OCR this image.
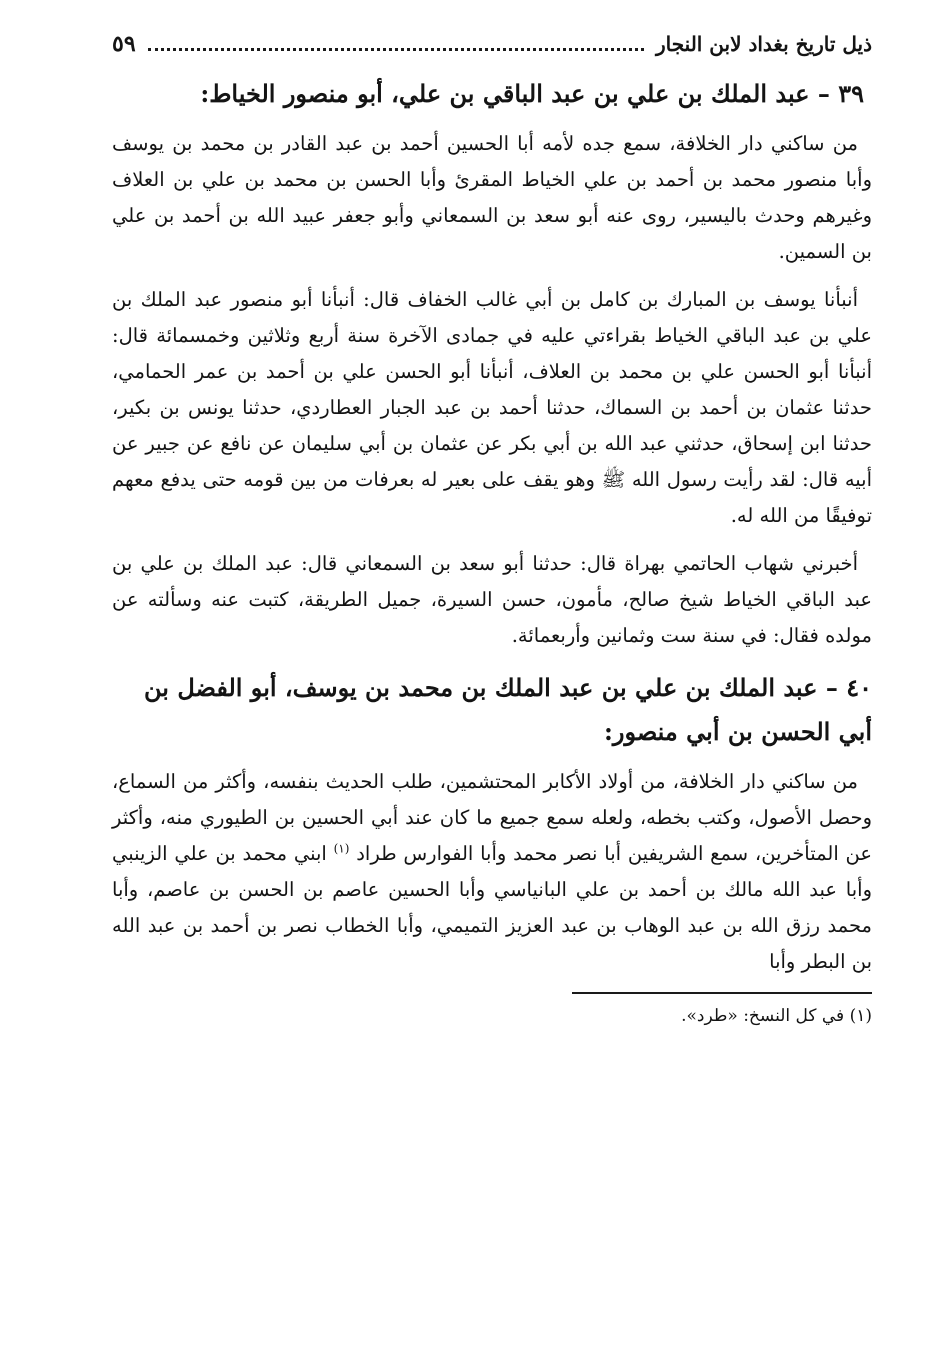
ذيل تاريخ بغداد لابن النجار
٥٩
٣٩ – عبد الملك بن علي بن عبد الباقي بن علي، أبو منصور الخياط:

من ساكني دار الخلافة، سمع جده لأمه أبا الحسين أحمد بن عبد القادر بن محمد بن يوسف وأبا منصور محمد بن أحمد بن علي الخياط المقرئ وأبا الحسن بن محمد بن علي بن العلاف وغيرهم وحدث باليسير، روى عنه أبو سعد بن السمعاني وأبو جعفر عبيد الله بن أحمد بن علي بن السمين.

أنبأنا يوسف بن المبارك بن كامل بن أبي غالب الخفاف قال: أنبأنا أبو منصور عبد الملك بن علي بن عبد الباقي الخياط بقراءتي عليه في جمادى الآخرة سنة أربع وثلاثين وخمسمائة قال: أنبأنا أبو الحسن علي بن محمد بن العلاف، أنبأنا أبو الحسن علي بن أحمد بن عمر الحمامي، حدثنا عثمان بن أحمد بن السماك، حدثنا أحمد بن عبد الجبار العطاردي، حدثنا يونس بن بكير، حدثنا ابن إسحاق، حدثني عبد الله بن أبي بكر عن عثمان بن أبي سليمان عن نافع عن جبير عن أبيه قال: لقد رأيت رسول الله ﷺ وهو يقف على بعير له بعرفات من بين قومه حتى يدفع معهم توفيقًا من الله له.

أخبرني شهاب الحاتمي بهراة قال: حدثنا أبو سعد بن السمعاني قال: عبد الملك بن علي بن عبد الباقي الخياط شيخ صالح، مأمون، حسن السيرة، جميل الطريقة، كتبت عنه وسألته عن مولده فقال: في سنة ست وثمانين وأربعمائة.

٤٠ – عبد الملك بن علي بن عبد الملك بن محمد بن يوسف، أبو الفضل بن أبي الحسن بن أبي منصور:

من ساكني دار الخلافة، من أولاد الأكابر المحتشمين، طلب الحديث بنفسه، وأكثر من السماع، وحصل الأصول، وكتب بخطه، ولعله سمع جميع ما كان عند أبي الحسين بن الطيوري منه، وأكثر عن المتأخرين، سمع الشريفين أبا نصر محمد وأبا الفوارس طراد $^{(١)}$ ابني محمد بن علي الزينبي وأبا عبد الله مالك بن أحمد بن علي البانياسي وأبا الحسين عاصم بن الحسن بن عاصم، وأبا محمد رزق الله بن عبد الوهاب بن عبد العزيز التميمي، وأبا الخطاب نصر بن أحمد بن عبد الله بن البطر وأبا

(١) في كل النسخ: «طرد».
